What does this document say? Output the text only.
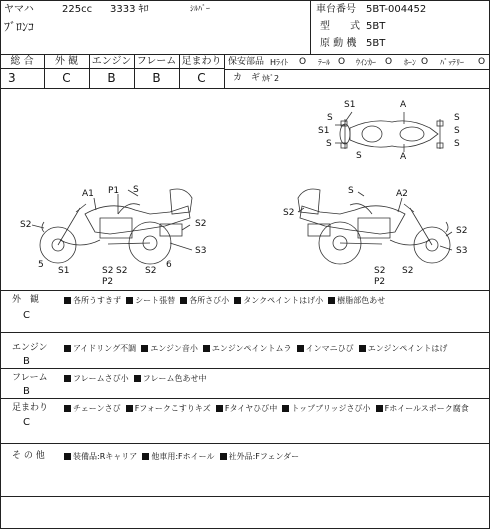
ヤマハ	225cc 3333 ｷﾛ	ｼﾙﾊﾞｰ
ﾌﾞﾛﾝｺ
車台番号 5BT-004452
型　　式 5BT
原 動 機 5BT
総 合	外 観	エンジン フレーム 足まわり
3	C	B	B	C
保安部品 Hﾗｲﾄ O ﾃｰﾙ O ｳｲﾝｶｰ O ﾎｰﾝ O ﾊﾞｯﾃﾘｰ O
カ　ギ ｶｷﾞ2
S1	A
S
S1
S
S
S
S
S
A
A1 P1 S
S2	S2
S3
5
S1	S2 S2 S2
6
P2
S	A2
S2
S2
S3
S2 S2
P2
外　観
C
各所うすきず シート張替 各所さび小 タンクペイントはげ小 樹脂部色あせ
エンジン
B
アイドリング不調 エンジン音小 エンジンペイントムラ インマニひび エンジンペイントはげ
フレーム
B
フレームさび小 フレーム色あせ中
足まわり
C
チェーンさび Fフォークこすりキズ Fタイヤひび中 トップブリッジさび小 Fホイールスポーク腐食
そ の 他	装備品:Rキャリア 他車用:Fホイール 社外品:Fフェンダー
